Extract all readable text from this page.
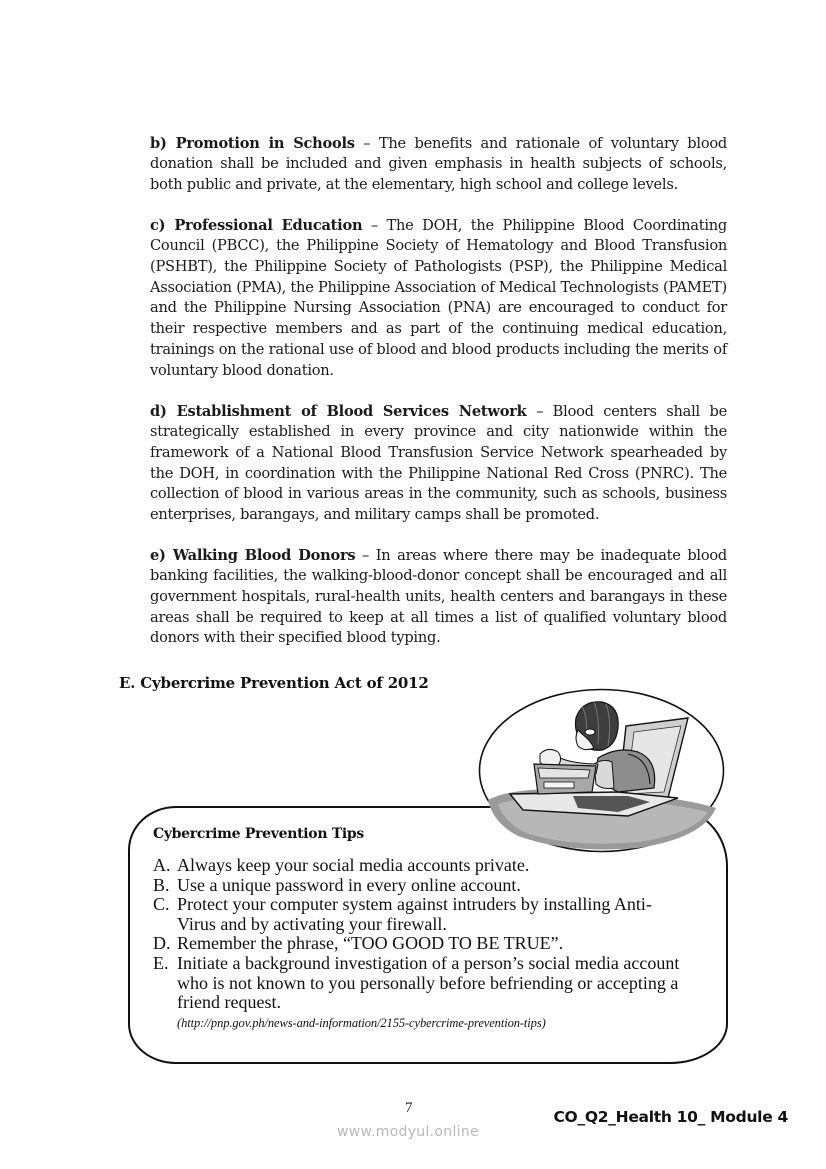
b) Promotion in Schools – The benefits and rationale of voluntary blood donation shall be included and given emphasis in health subjects of schools, both public and private, at the elementary, high school and college levels.

c) Professional Education – The DOH, the Philippine Blood Coordinating Council (PBCC), the Philippine Society of Hematology and Blood Transfusion (PSHBT), the Philippine Society of Pathologists (PSP), the Philippine Medical Association (PMA), the Philippine Association of Medical Technologists (PAMET) and the Philippine Nursing Association (PNA) are encouraged to conduct for their respective members and as part of the continuing medical education, trainings on the rational use of blood and blood products including the merits of voluntary blood donation.

d) Establishment of Blood Services Network – Blood centers shall be strategically established in every province and city nationwide within the framework of a National Blood Transfusion Service Network spearheaded by the DOH, in coordination with the Philippine National Red Cross (PNRC). The collection of blood in various areas in the community, such as schools, business enterprises, barangays, and military camps shall be promoted.

e) Walking Blood Donors – In areas where there may be inadequate blood banking facilities, the walking-blood-donor concept shall be encouraged and all government hospitals, rural-health units, health centers and barangays in these areas shall be required to keep at all times a list of qualified voluntary blood donors with their specified blood typing.

E. Cybercrime Prevention Act of 2012
Cybercrime Prevention Tips
A. Always keep your social media accounts private.
B. Use a unique password in every online account.
C. Protect your computer system against intruders by installing Anti-Virus and by activating your firewall.
D. Remember the phrase, “TOO GOOD TO BE TRUE”.
E. Initiate a background investigation of a person’s social media account who is not known to you personally before befriending or accepting a friend request.
(http://pnp.gov.ph/news-and-information/2155-cybercrime-prevention-tips)
7	CO_Q2_Health 10_ Module 4
www.modyul.online
